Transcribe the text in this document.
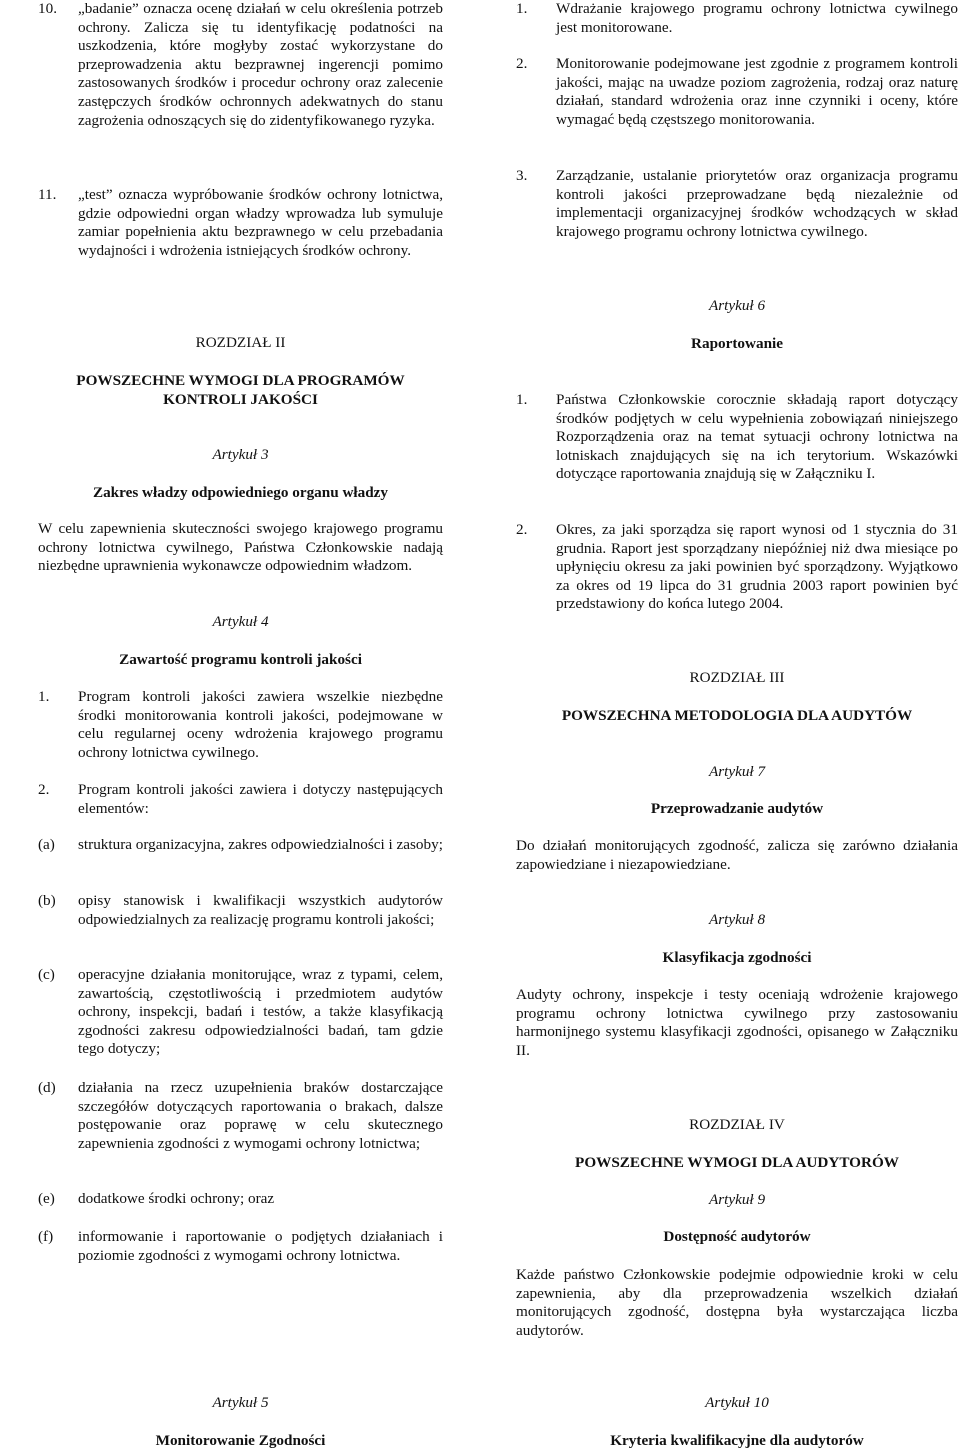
10. „badanie” oznacza ocenę działań w celu określenia potrzeb ochrony. Zalicza się tu identyfikację podatności na uszkodzenia, które mogłyby zostać wykorzystane do przeprowadzenia aktu bezprawnej ingerencji pomimo zastosowanych środków i procedur ochrony oraz zalecenie zastępczych środków ochronnych adekwatnych do stanu zagrożenia odnoszących się do zidentyfikowanego ryzyka.
11. „test” oznacza wypróbowanie środków ochrony lotnictwa, gdzie odpowiedni organ władzy wprowadza lub symuluje zamiar popełnienia aktu bezprawnego w celu przebadania wydajności i wdrożenia istniejących środków ochrony.
ROZDZIAŁ II
POWSZECHNE WYMOGI DLA PROGRAMÓW
KONTROLI JAKOŚCI
Artykuł 3
Zakres władzy odpowiedniego organu władzy

W celu zapewnienia skuteczności swojego krajowego programu ochrony lotnictwa cywilnego, Państwa Członkowskie nadają niezbędne uprawnienia wykonawcze odpowiednim władzom.

Artykuł 4
Zawartość programu kontroli jakości
1. Program kontroli jakości zawiera wszelkie niezbędne środki monitorowania kontroli jakości, podejmowane w celu regularnej oceny wdrożenia krajowego programu ochrony lotnictwa cywilnego.
2. Program kontroli jakości zawiera i dotyczy następujących elementów:
(a) struktura organizacyjna, zakres odpowiedzialności i zasoby;
(b) opisy stanowisk i kwalifikacji wszystkich audytorów odpowiedzialnych za realizację programu kontroli jakości;
(c) operacyjne działania monitorujące, wraz z typami, celem, zawartością, częstotliwością i przedmiotem audytów ochrony, inspekcji, badań i testów, a także klasyfikacją zgodności zakresu odpowiedzialności badań, tam gdzie tego dotyczy;
(d) działania na rzecz uzupełnienia braków dostarczające szczegółów dotyczących raportowania o brakach, dalsze postępowanie oraz poprawę w celu skutecznego zapewnienia zgodności z wymogami ochrony lotnictwa;
(e) dodatkowe środki ochrony; oraz
(f) informowanie i raportowanie o podjętych działaniach i poziomie zgodności z wymogami ochrony lotnictwa.
Artykuł 5
Monitorowanie Zgodności
1. Wdrażanie krajowego programu ochrony lotnictwa cywilnego jest monitorowane.
2. Monitorowanie podejmowane jest zgodnie z programem kontroli jakości, mając na uwadze poziom zagrożenia, rodzaj oraz naturę działań, standard wdrożenia oraz inne czynniki i oceny, które wymagać będą częstszego monitorowania.
3. Zarządzanie, ustalanie priorytetów oraz organizacja programu kontroli jakości przeprowadzane będą niezależnie od implementacji organizacyjnej środków wchodzących w skład krajowego programu ochrony lotnictwa cywilnego.
Artykuł 6
Raportowanie
1. Państwa Członkowskie corocznie składają raport dotyczący środków podjętych w celu wypełnienia zobowiązań niniejszego Rozporządzenia oraz na temat sytuacji ochrony lotnictwa na lotniskach znajdujących się na ich terytorium. Wskazówki dotyczące raportowania znajdują się w Załączniku I.
2. Okres, za jaki sporządza się raport wynosi od 1 stycznia do 31 grudnia. Raport jest sporządzany niepóźniej niż dwa miesiące po upłynięciu okresu za jaki powinien być sporządzony. Wyjątkowo za okres od 19 lipca do 31 grudnia 2003 raport powinien być przedstawiony do końca lutego 2004.
ROZDZIAŁ III
POWSZECHNA METODOLOGIA DLA AUDYTÓW
Artykuł 7
Przeprowadzanie audytów

Do działań monitorujących zgodność, zalicza się zarówno działania zapowiedziane i niezapowiedziane.

Artykuł 8
Klasyfikacja zgodności

Audyty ochrony, inspekcje i testy oceniają wdrożenie krajowego programu ochrony lotnictwa cywilnego przy zastosowaniu harmonijnego systemu klasyfikacji zgodności, opisanego w Załączniku II.

ROZDZIAŁ IV
POWSZECHNE WYMOGI DLA AUDYTORÓW
Artykuł 9
Dostępność audytorów

Każde państwo Członkowskie podejmie odpowiednie kroki w celu zapewnienia, aby dla przeprowadzenia wszelkich działań monitorujących zgodność, dostępna była wystarczająca liczba audytorów.

Artykuł 10
Kryteria kwalifikacyjne dla audytorów
